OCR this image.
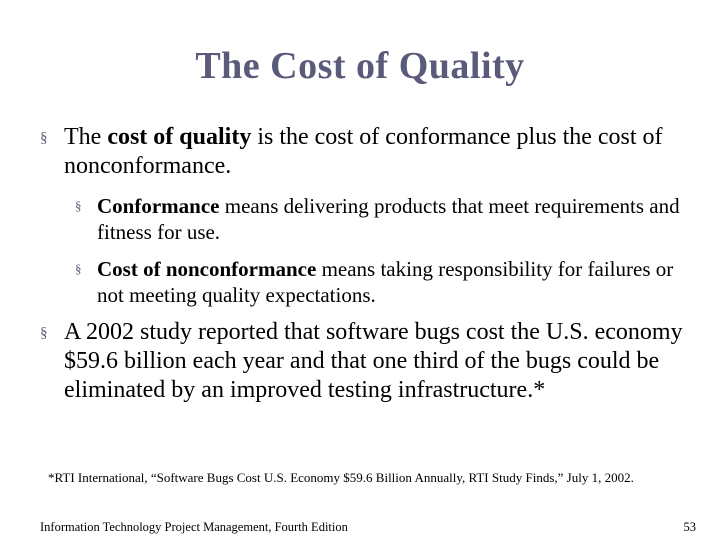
The Cost of Quality
§ The cost of quality is the cost of conformance plus the cost of nonconformance.
§ Conformance means delivering products that meet requirements and fitness for use.
§ Cost of nonconformance means taking responsibility for failures or not meeting quality expectations.
§ A 2002 study reported that software bugs cost the U.S. economy $59.6 billion each year and that one third of the bugs could be eliminated by an improved testing infrastructure.*
*RTI International, “Software Bugs Cost U.S. Economy $59.6 Billion Annually, RTI Study Finds,” July 1, 2002.
Information Technology Project Management, Fourth Edition	53
